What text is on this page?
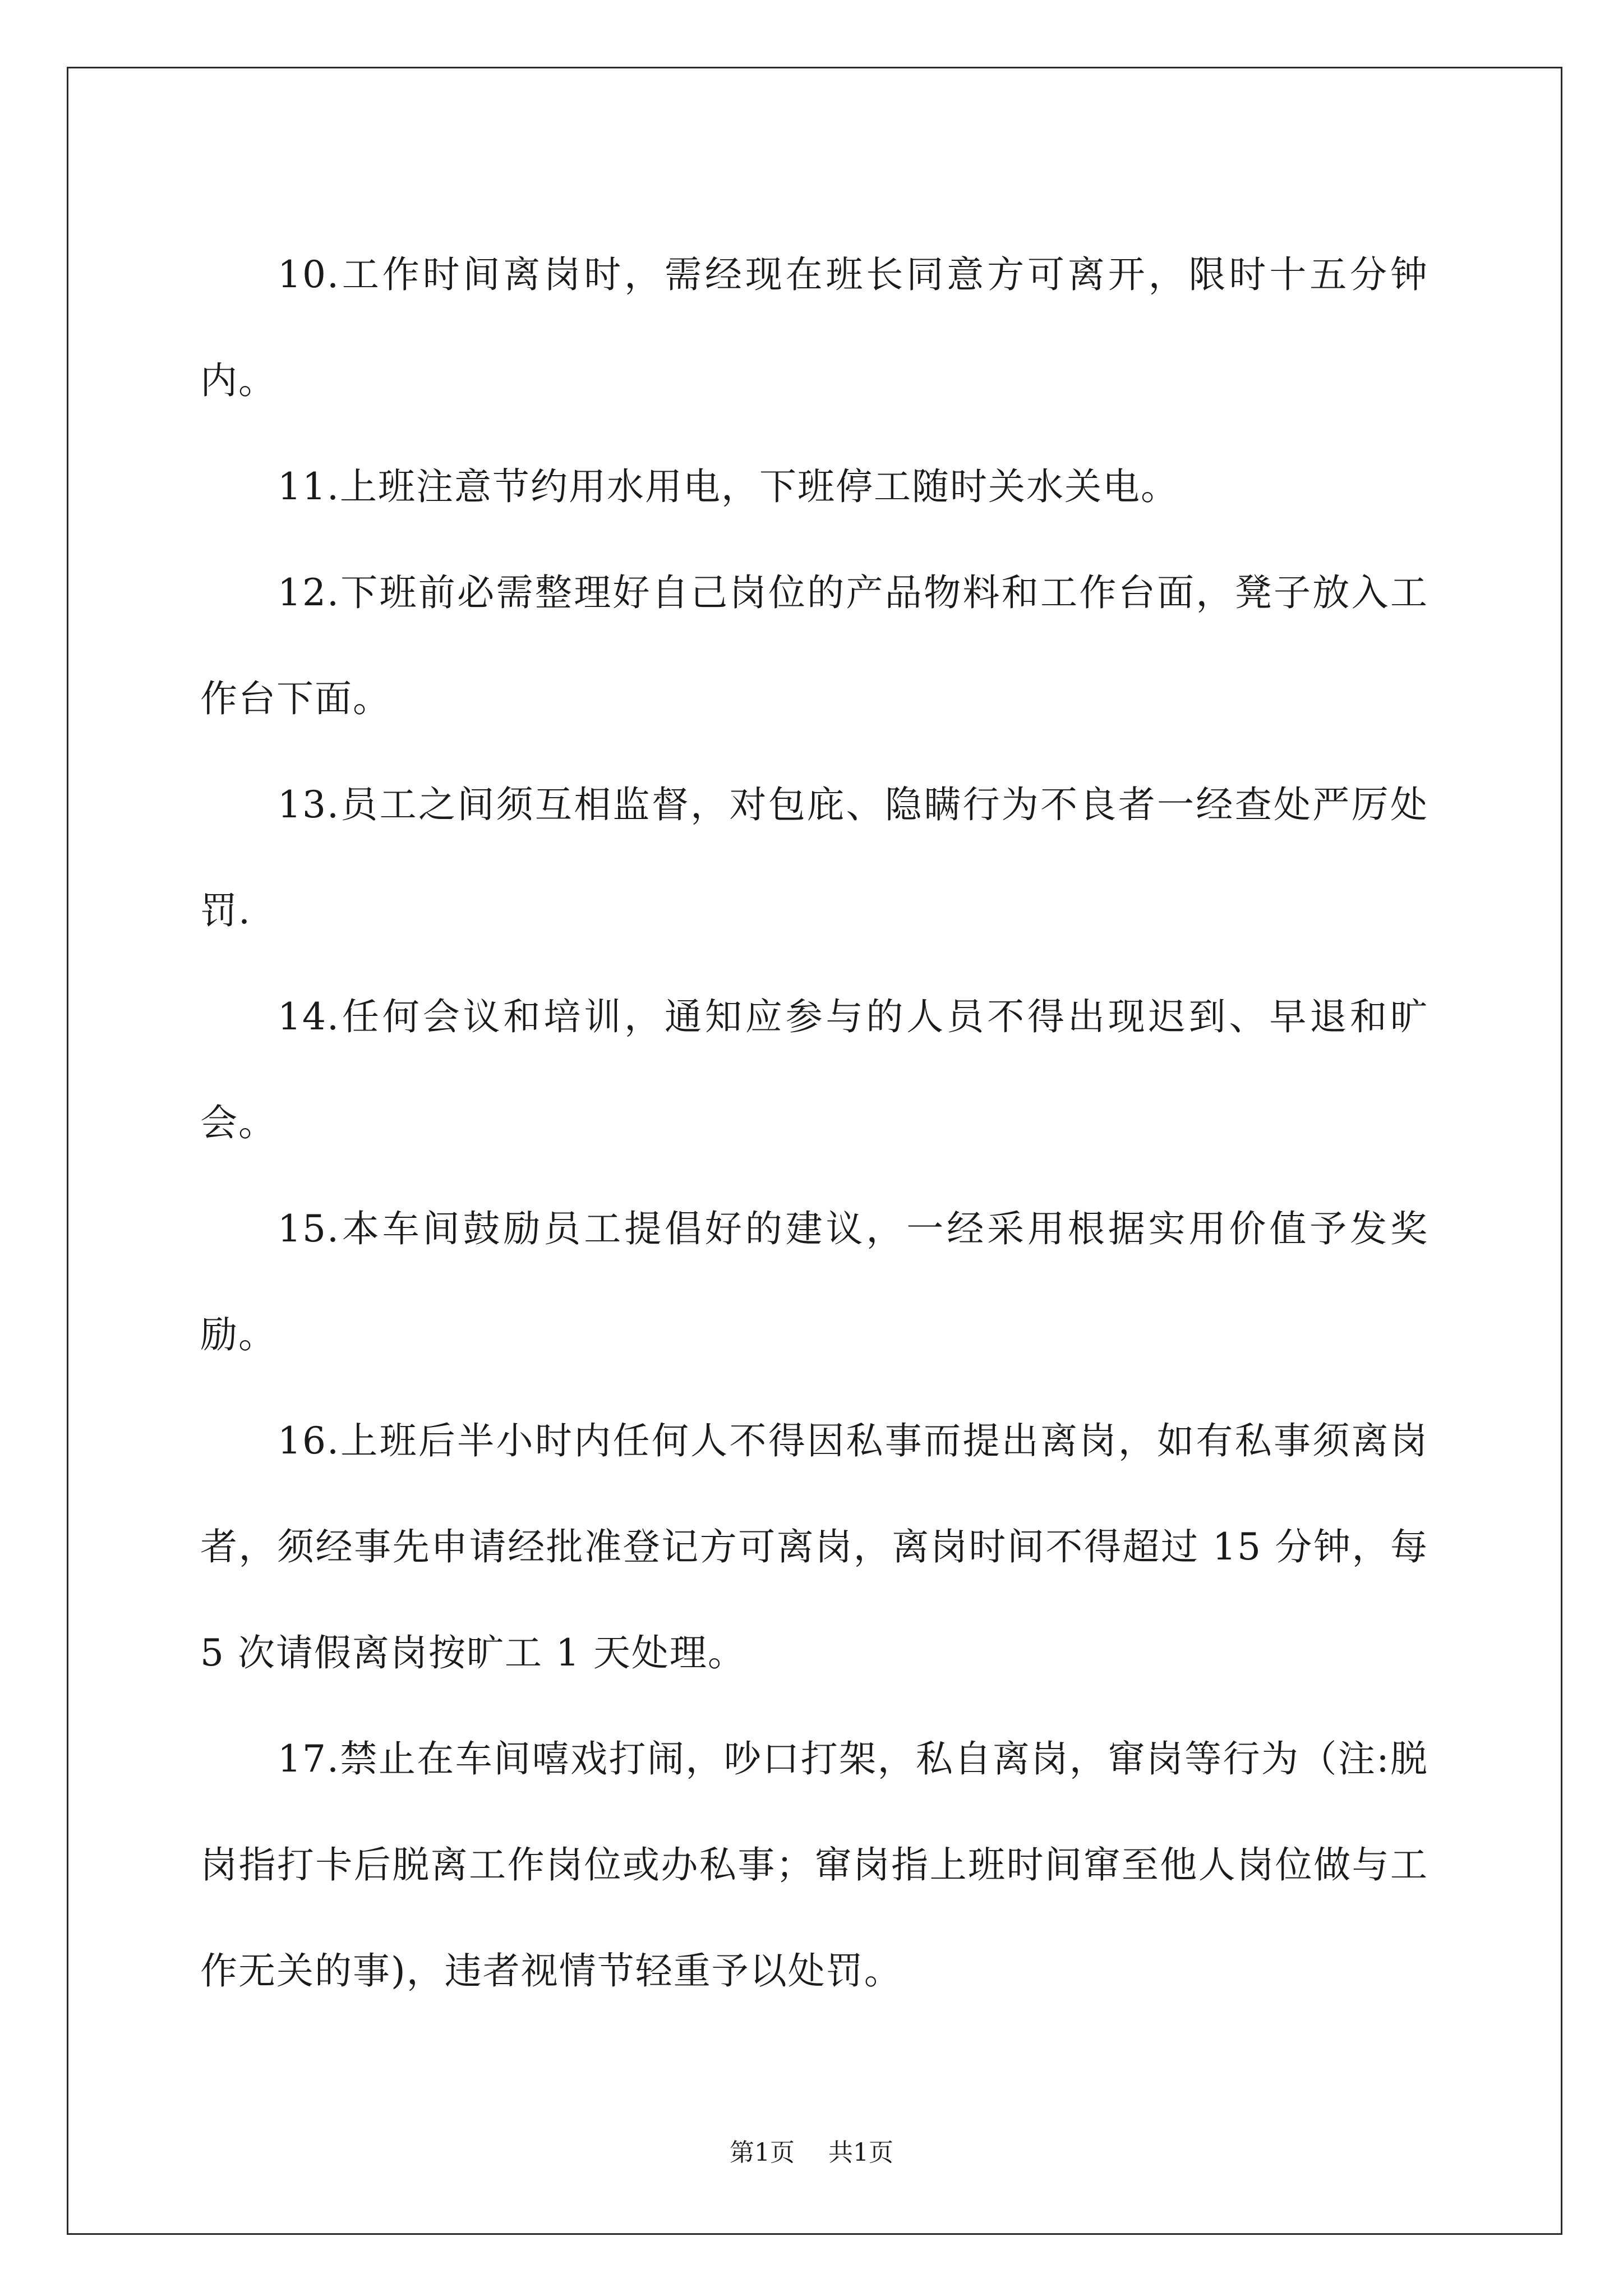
10.工作时间离岗时，需经现在班长同意方可离开，限时十五分钟内。

11.上班注意节约用水用电，下班停工随时关水关电。

12.下班前必需整理好自己岗位的产品物料和工作台面，凳子放入工作台下面。

13.员工之间须互相监督，对包庇、隐瞒行为不良者一经查处严厉处罚.

14.任何会议和培训，通知应参与的人员不得出现迟到、早退和旷会。

15.本车间鼓励员工提倡好的建议，一经采用根据实用价值予发奖励。

16.上班后半小时内任何人不得因私事而提出离岗，如有私事须离岗者，须经事先申请经批准登记方可离岗，离岗时间不得超过 15 分钟，每 5 次请假离岗按旷工 1 天处理。

17.禁止在车间嘻戏打闹，吵口打架，私自离岗，窜岗等行为（注:脱岗指打卡后脱离工作岗位或办私事；窜岗指上班时间窜至他人岗位做与工作无关的事)，违者视情节轻重予以处罚。

第1页 共1页
